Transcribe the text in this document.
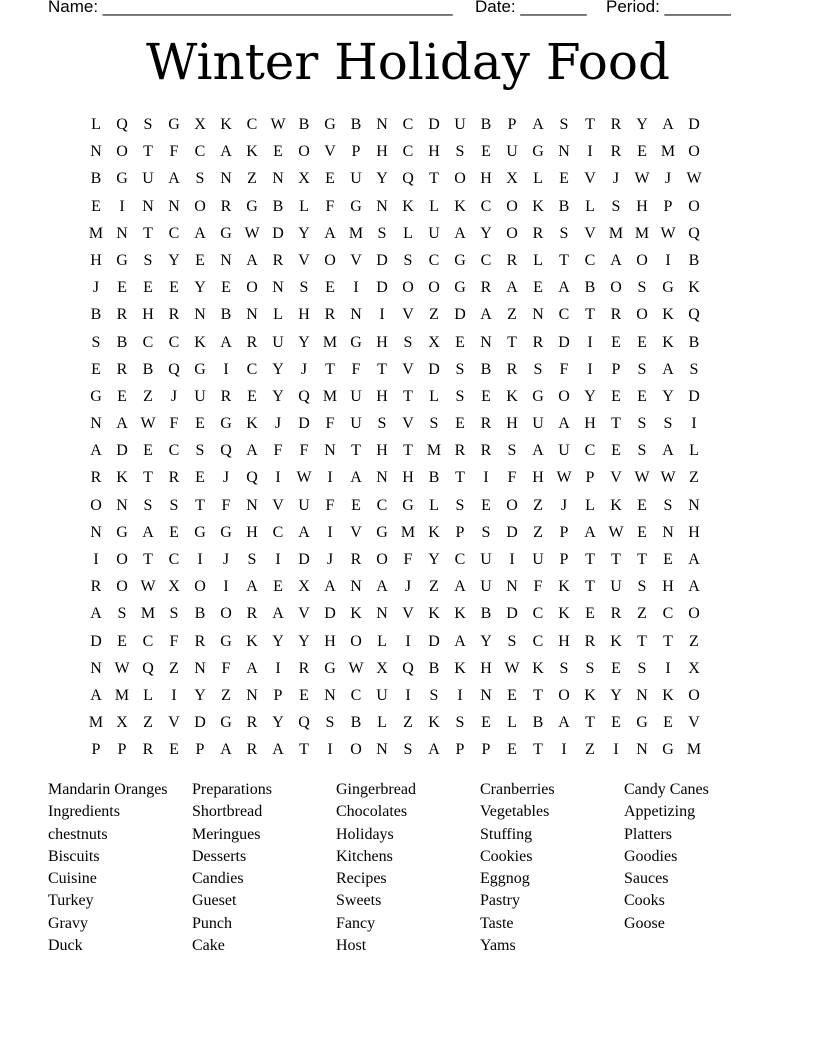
Name: _____________________________________ Date: _______ Period: _______
Winter Holiday Food
L Q S G X K C W B G B N C D U B	P A S	T R Y A D
N O T	F	C A K E O V P H C H S	E U G N	I	R E M O
B G U A S N Z N X E U Y Q T O H X L	E V	J W J W
E	I	N N O R G B L	F G N K L K C O K B L	S H P O
M N T C A G W D Y A M S	L U A Y O R	S V M M W Q
H G S Y E N A R V O V D S	C G C R L	T C A O	I	B
J	E	E	E Y E O N S	E	I	D O O G R A E A B O S G K
B R H R N B N L H R N	I	V Z D A Z N C T R O K Q
S	B C C K A R U Y M G H S X E N T R D	I	E	E K B
E R B Q G	I	C Y	J	T	F	T V D S	B R	S	F	I	P	S A S
G E	Z	J	U R E Y Q M U H T	L	S	E K G O Y E	E Y D
N A W F	E G K	J	D F U S V S	E R H U A H T	S	S	I
A D E C	S Q A F	F N T H T M R R	S A U C E	S A L
R K T R E	J	Q	I W I	A N H B T	I	F H W P V W W Z
O N S	S	T	F N V U F	E C G L	S	E O Z	J	L K E	S N
N G A E G G H C A	I	V G M K P	S D Z	P A W E N H
I	O T C	I	J	S	I	D	J	R O F Y C U	I	U P	T	T	T	E A
R O W X O	I	A E X A N A	J	Z A U N F K T U S H A
A S M S	B O R A V D K N V K K B D C K E R Z C O
D E C	F	R G K Y Y H O L	I	D A Y S	C H R K T	T	Z
N W Q Z N F A	I	R G W X Q B K H W K S	S	E	S	I	X
A M L	I	Y Z N P	E N C U	I	S	I	N E	T O K Y N K O
M X Z V D G R Y Q S	B L	Z K S	E	L B A T	E G E V
P	P	R E	P A R A T	I	O N S A P	P	E	T	I	Z	I	N G M
Mandarin Oranges
Ingredients
chestnuts
Biscuits
Cuisine
Turkey
Gravy
Duck
Preparations
Shortbread
Meringues
Desserts
Candies
Gueset
Punch
Cake
Gingerbread
Chocolates
Holidays
Kitchens
Recipes
Sweets
Fancy
Host
Cranberries
Vegetables
Stuffing
Cookies
Eggnog
Pastry
Taste
Yams
Candy Canes
Appetizing
Platters
Goodies
Sauces
Cooks
Goose
